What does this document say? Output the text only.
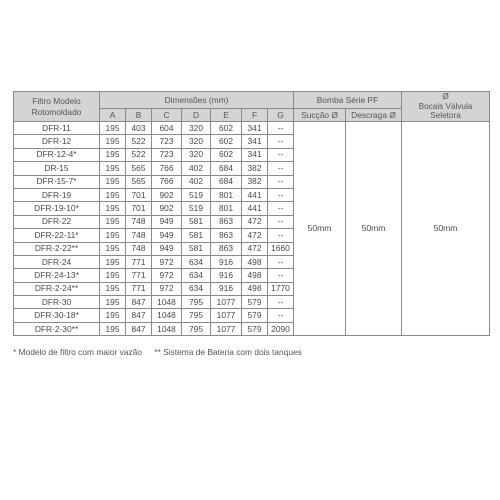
Filtro Modelo
Rotomoldado	Dimensões (mm)							Bomba Série PF		Ø
Bocais Válvula
Seletora
	A	B	C	D	E	F	G	Sucção Ø	Descraga Ø	
DFR-11	195	403	604	320	602	341	--	50mm	50mm	50mm
DFR-12	195	522	723	320	602	341	--			
DFR-12-4*	195	522	723	320	602	341	--			
DR-15	195	565	766	402	684	382	--			
DFR-15-7*	195	565	766	402	684	382	--			
DFR-19	195	701	902	519	801	441	--			
DFR-19-10*	195	701	902	519	801	441	--			
DFR-22	195	748	949	581	863	472	--			
DFR-22-11*	195	748	949	581	863	472	--			
DFR-2-22**	195	748	949	581	863	472	1660			
DFR-24	195	771	972	634	916	498	--			
DFR-24-13*	195	771	972	634	916	498	--			
DFR-2-24**	195	771	972	634	916	498	1770			
DFR-30	195	847	1048	795	1077	579	--			
DFR-30-18*	195	847	1048	795	1077	579	--			
DFR-2-30**	195	847	1048	795	1077	579	2090			
* Modelo de filtro com maior vazão ** Sistema de Bateria com dois tanques
